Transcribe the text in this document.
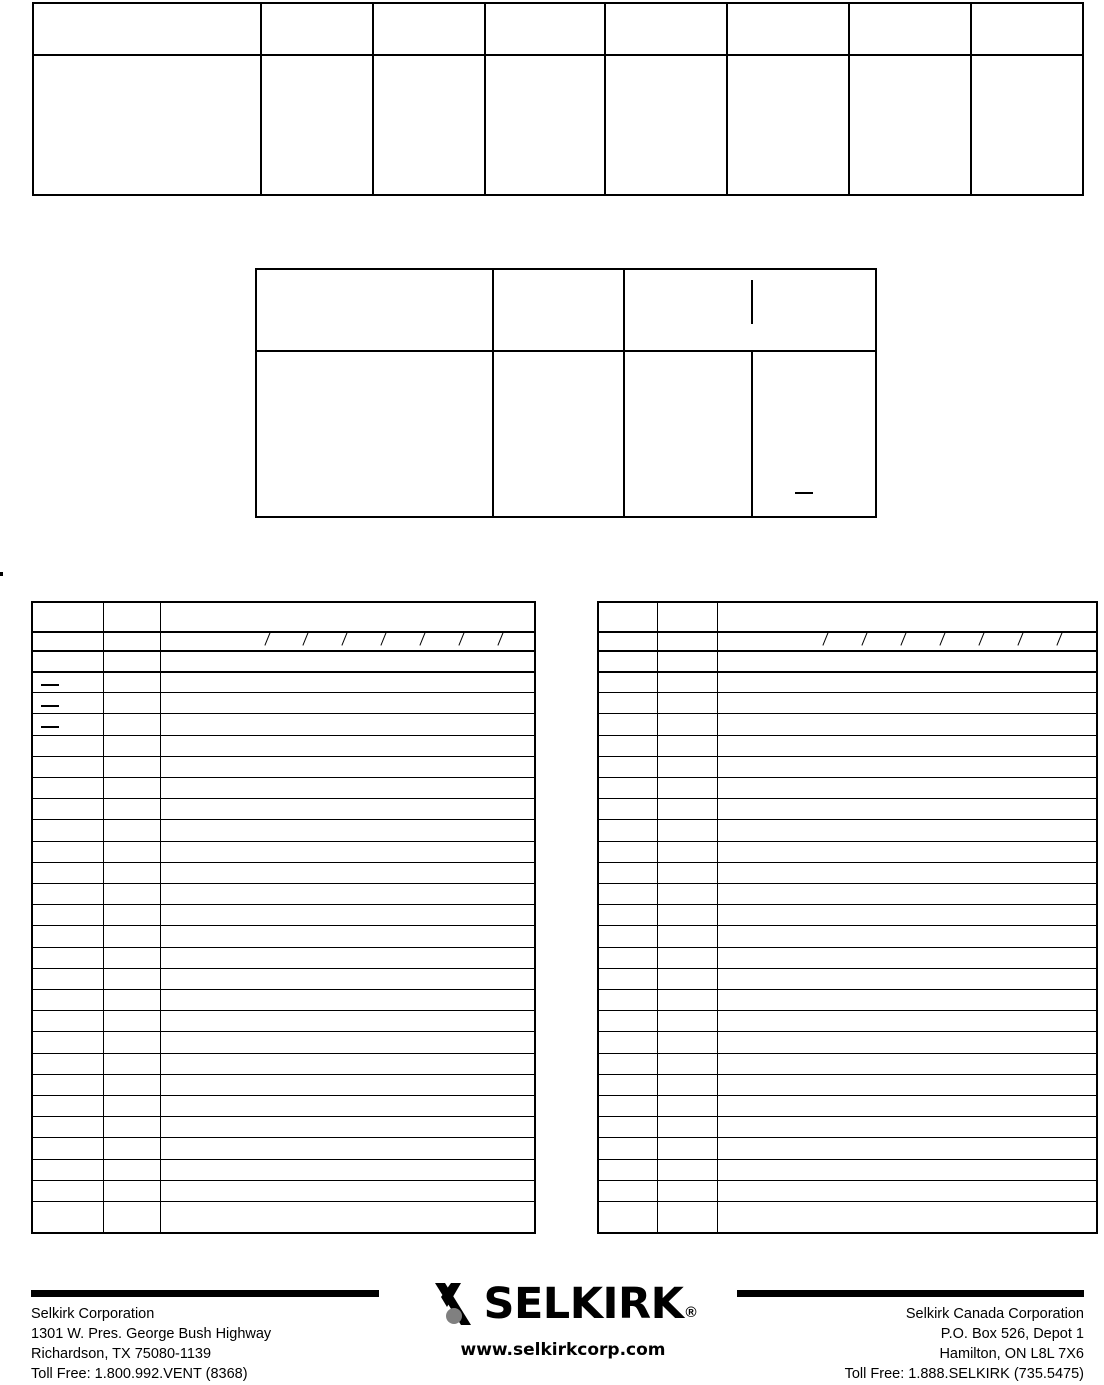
SELKIRK ®
www.selkirkcorp.com
Selkirk Corporation
1301 W. Pres. George Bush Highway
Richardson, TX 75080-1139
Toll Free: 1.800.992.VENT (8368)
Selkirk Canada Corporation
P.O. Box 526, Depot 1
Hamilton, ON L8L 7X6
Toll Free: 1.888.SELKIRK (735.5475)
